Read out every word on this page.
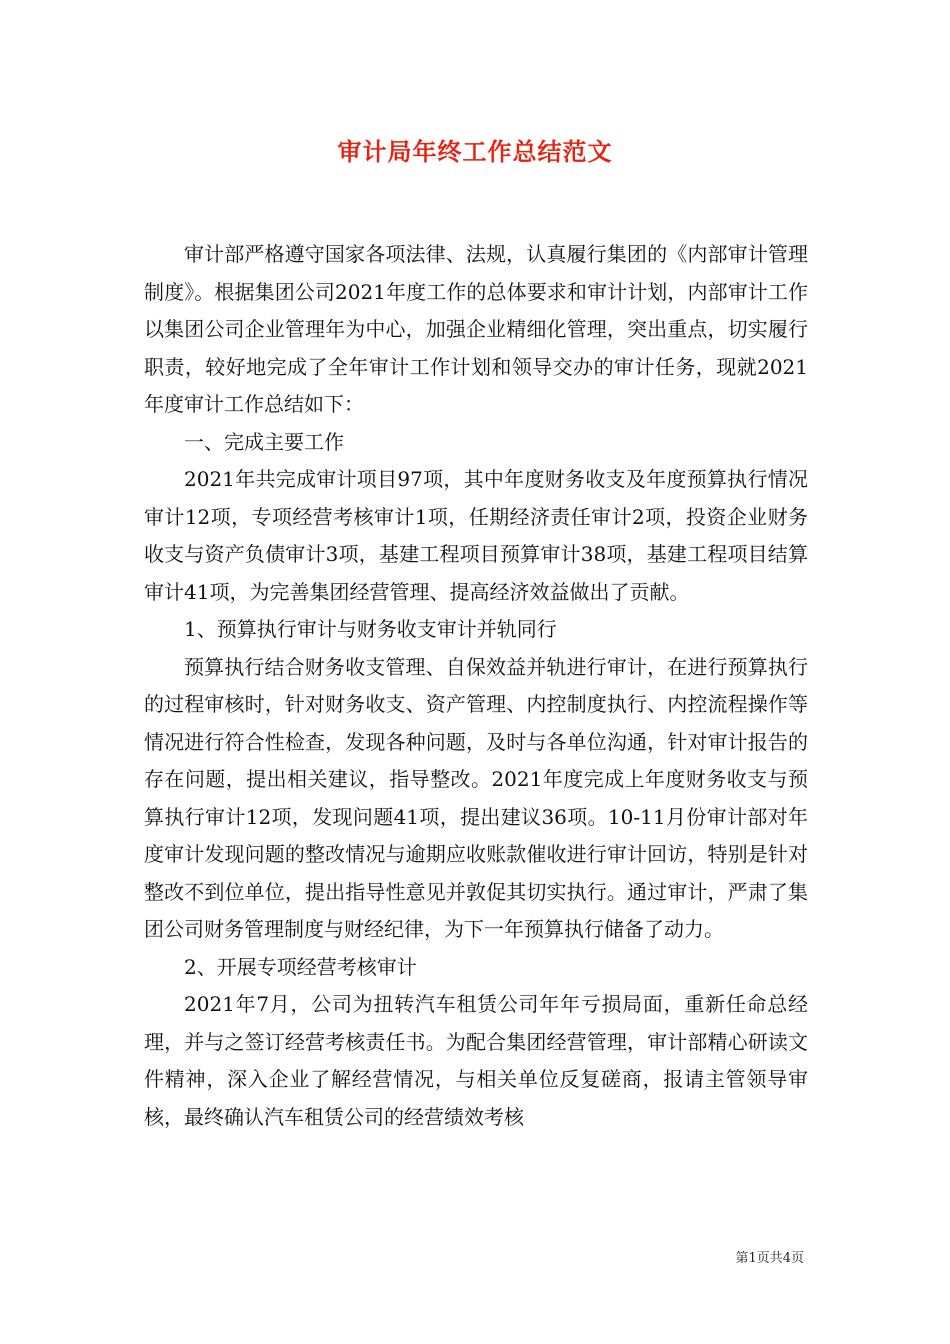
审计局年终工作总结范文

审计部严格遵守国家各项法律、法规，认真履行集团的《内部审计管理制度》。根据集团公司2021年度工作的总体要求和审计计划，内部审计工作以集团公司企业管理年为中心，加强企业精细化管理，突出重点，切实履行职责，较好地完成了全年审计工作计划和领导交办的审计任务，现就2021年度审计工作总结如下：

一、完成主要工作

2021年共完成审计项目97项，其中年度财务收支及年度预算执行情况审计12项，专项经营考核审计1项，任期经济责任审计2项，投资企业财务收支与资产负债审计3项，基建工程项目预算审计38项，基建工程项目结算审计41项，为完善集团经营管理、提高经济效益做出了贡献。

1、预算执行审计与财务收支审计并轨同行

预算执行结合财务收支管理、自保效益并轨进行审计，在进行预算执行的过程审核时，针对财务收支、资产管理、内控制度执行、内控流程操作等情况进行符合性检查，发现各种问题，及时与各单位沟通，针对审计报告的存在问题，提出相关建议，指导整改。2021年度完成上年度财务收支与预算执行审计12项，发现问题41项，提出建议36项。10-11月份审计部对年度审计发现问题的整改情况与逾期应收账款催收进行审计回访，特别是针对整改不到位单位，提出指导性意见并敦促其切实执行。通过审计，严肃了集团公司财务管理制度与财经纪律，为下一年预算执行储备了动力。

2、开展专项经营考核审计

2021年7月，公司为扭转汽车租赁公司年年亏损局面，重新任命总经理，并与之签订经营考核责任书。为配合集团经营管理，审计部精心研读文件精神，深入企业了解经营情况，与相关单位反复磋商，报请主管领导审核，最终确认汽车租赁公司的经营绩效考核

第1页共4页
